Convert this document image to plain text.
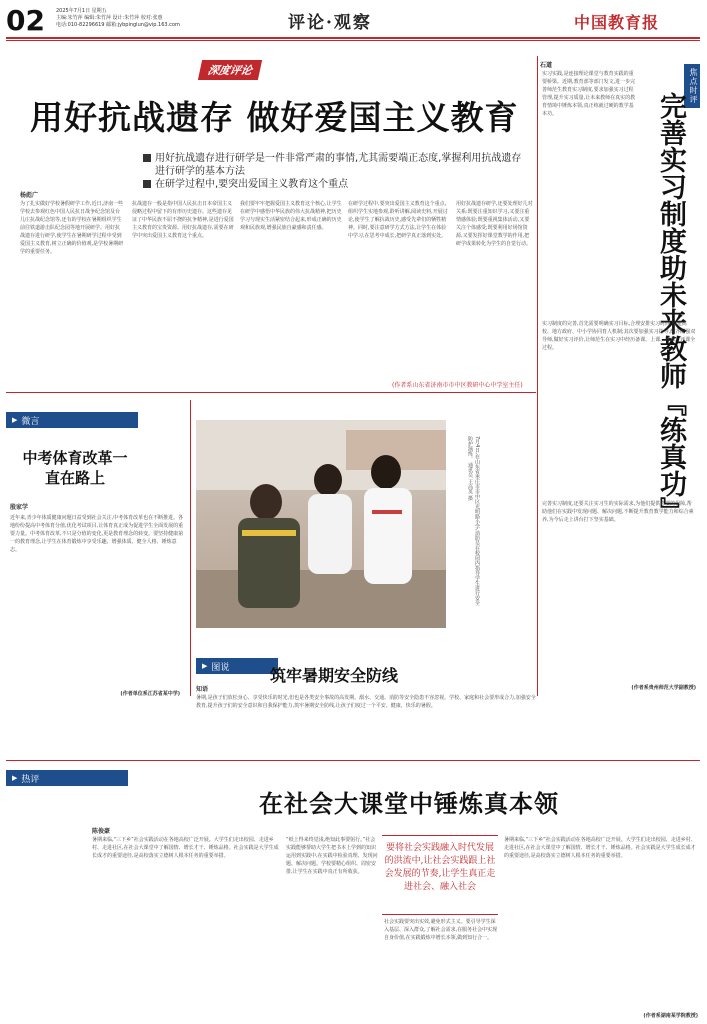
02 2025年7月1日 星期五
主编:朱竹萍 编辑:朱竹萍 设计:朱竹萍 校对:张惠
电话:010-82296619 邮箱:jybpinglun@vip.163.com	评论·观察	中国教育报
深度评论
用好抗战遗存 做好爱国主义教育
用好抗战遗存进行研学是一件非常严肃的事情,尤其需要端正态度,掌握利用抗战遗存进行研学的基本方法
在研学过程中,要突出爱国主义教育这个重点
杨彪广
为了扎实做好学校暑假研学工作,近日,济南一些学校去参观红色中国人民抗日战争纪念馆及台儿庄抗战纪念馆等,还有的学校在暑期组织学生前往铁道游击队纪念园等地开展研学。用好抗战遗存进行研学,使学生在暑期研学过程中受到爱国主义教育,树立正确的价值观,是学校暑期研学的重要任务。
抗战遗存一般是指中国人民抗击日本帝国主义侵略过程中留下的有形历史遗存。这些遗存见证了中华民族不屈不挠的抗争精神,是进行爱国主义教育的宝贵资源。用好抗战遗存,需要在研学中突出爱国主义教育这个重点。
我们要牢牢把握爱国主义教育这个核心,让学生在研学中感悟中华民族的伟大抗战精神,把历史学习与现实生活紧密结合起来,形成正确的历史观和民族观,增强民族自豪感和责任感。
在研学过程中,要突出爱国主义教育这个重点,组织学生实地参观,聆听讲解,阅读史料,开展讨论,使学生了解抗战历史,感受先辈们的牺牲精神。同时,要注意研学方式方法,让学生在体验中学习,在思考中成长,把研学真正落到实处。
用好抗战遗存研学,还要处理好几对关系:既要注重知识学习,又要注重情感体验;既要重视集体活动,又要关注个体感受;既要利用好场馆资源,又要发挥好课堂教学的作用,把研学成果转化为学生的自觉行动。
(作者系山东省济南市市中区教研中心中学室主任)
石道
焦点时评
完善实习制度助未来教师『练真功』
实习实践,是连接理论课堂与教育实践的重要桥梁。近期,教育部等部门发文,进一步完善师范生教育实习制度,要求加强实习过程管理,提升实习质量,让未来教师在真实的教育情境中锤炼本领,真正练就过硬的教学基本功。
实习制度的完善,首先需要明确实习目标,合理安排实习时间,构建高校、地方政府、中小学协同育人机制;其次要加强实习指导,配齐配强双导师,做好实习评价,让师范生在实习中经历备课、上课、听课、评课全过程。
完善实习制度,还要关注实习生的实际需求,为他们提供必要的保障,帮助他们在实践中发现问题、解决问题,不断提升教育教学能力和综合素养,为今后走上讲台打下坚实基础。
(作者系贵州师范大学副教授)
▶ 微言
中考体育改革一直在路上
殷家学
近年来,青少年体质健康问题日益受到社会关注,中考体育改革也在不断推进。各地纷纷提高中考体育分值,优化考试项目,让体育真正成为促进学生全面发展的重要力量。中考体育改革,不只是分值的变化,更是教育理念的转变。要坚持健康第一的教育理念,让学生在体育锻炼中享受乐趣、增强体质、健全人格、锤炼意志。
(作者单位系江苏省某中学)
7月4日,在山东省枣庄市市中区光明路小学,消防员在校园内指导学生进行安全防护演练。 通讯员 王高英 摄
▶ 图说	筑牢暑期安全防线
知语
暑期,是孩子们放松身心、享受快乐的时光,但也是各类安全事故的高发期。溺水、交通、消防等安全隐患不容忽视。学校、家庭和社会要形成合力,加强安全教育,提升孩子们的安全意识和自我保护能力,筑牢暑期安全防线,让孩子们度过一个平安、健康、快乐的暑假。
▶ 热评
在社会大课堂中锤炼真本领
陈俊豪
暑期来临,“三下乡”社会实践活动在各地高校广泛开展。大学生们走出校园、走进乡村、走进社区,在社会大课堂中了解国情、增长才干、锤炼品格。社会实践是大学生成长成才的重要途径,是高校落实立德树人根本任务的重要举措。
“纸上得来终觉浅,绝知此事要躬行。”社会实践能够帮助大学生把书本上学到的知识运用到实践中,在实践中检验真理、发现问题、解决问题。学校要精心组织、周密安排,让学生在实践中真正有所收获。
要将社会实践融入时代发展的洪流中,让社会实践跟上社会发展的节奏,让学生真正走进社会、融入社会
社会实践要突出实效,避免形式主义。要引导学生深入基层、深入群众,了解社会需求,在服务社会中实现自身价值,在实践锻炼中增长本领,做到知行合一。
暑期来临,“三下乡”社会实践活动在各地高校广泛开展。大学生们走出校园、走进乡村、走进社区,在社会大课堂中了解国情、增长才干、锤炼品格。社会实践是大学生成长成才的重要途径,是高校落实立德树人根本任务的重要举措。
(作者系湖南某学院教授)
